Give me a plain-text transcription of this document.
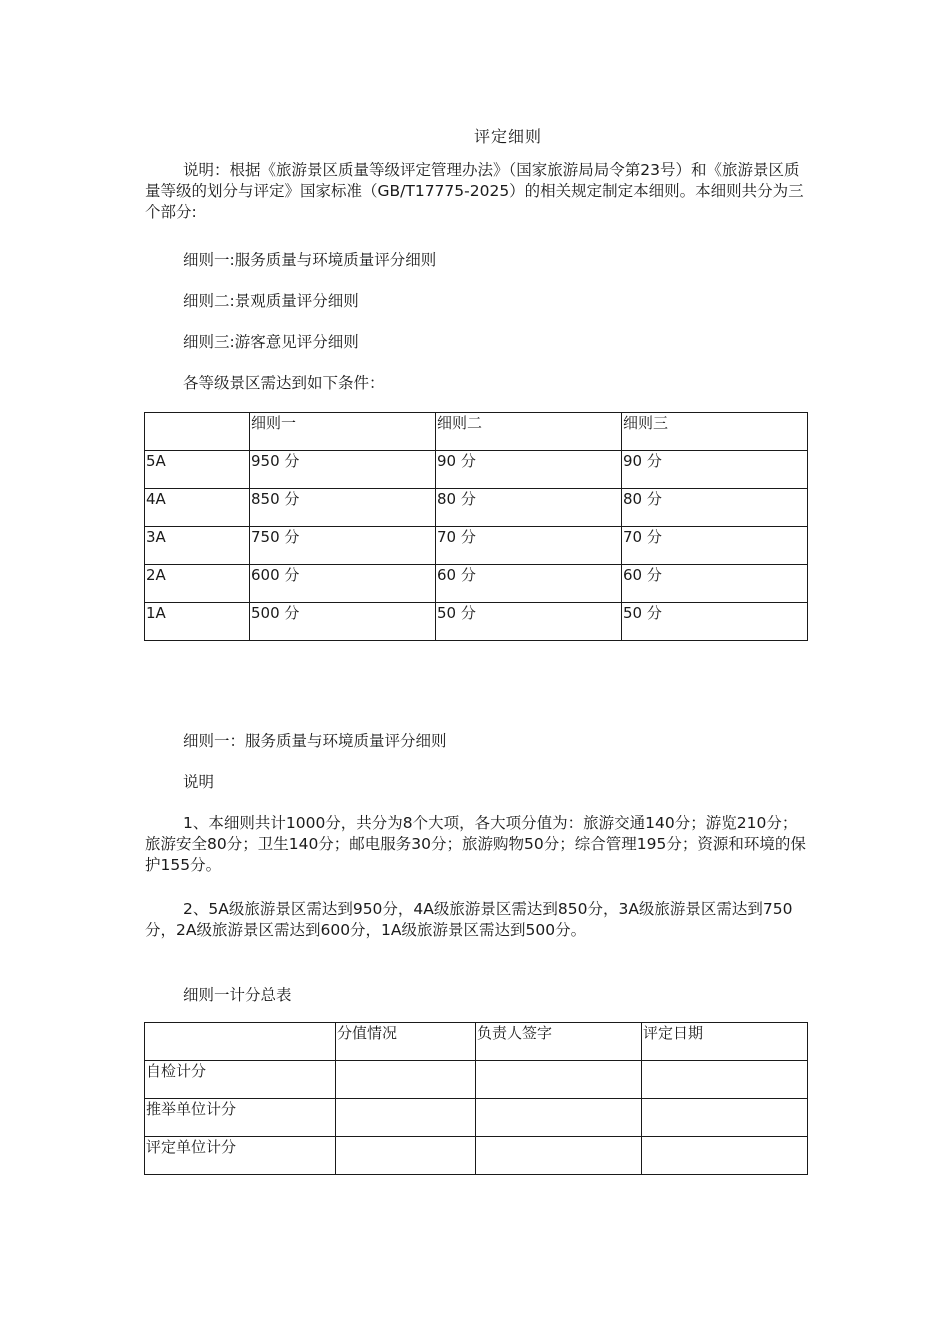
评定细则

说明：根据《旅游景区质量等级评定管理办法》（国家旅游局局令第23号）和《旅游景区质量等级的划分与评定》国家标准（GB/T17775-2025）的相关规定制定本细则。本细则共分为三个部分:

细则一:服务质量与环境质量评分细则
细则二:景观质量评分细则
细则三:游客意见评分细则
各等级景区需达到如下条件：
	细则一	细则二	细则三
5A	950 分	90 分	90 分
4A	850 分	80 分	80 分
3A	750 分	70 分	70 分
2A	600 分	60 分	60 分
1A	500 分	50 分	50 分
细则一：服务质量与环境质量评分细则
说明

1、本细则共计1000分，共分为8个大项，各大项分值为：旅游交通140分；游览210分；旅游安全80分；卫生140分；邮电服务30分；旅游购物50分；综合管理195分；资源和环境的保护155分。

2、5A级旅游景区需达到950分，4A级旅游景区需达到850分，3A级旅游景区需达到750分，2A级旅游景区需达到600分，1A级旅游景区需达到500分。

细则一计分总表
	分值情况	负责人签字	评定日期
自检计分			
推举单位计分			
评定单位计分			
